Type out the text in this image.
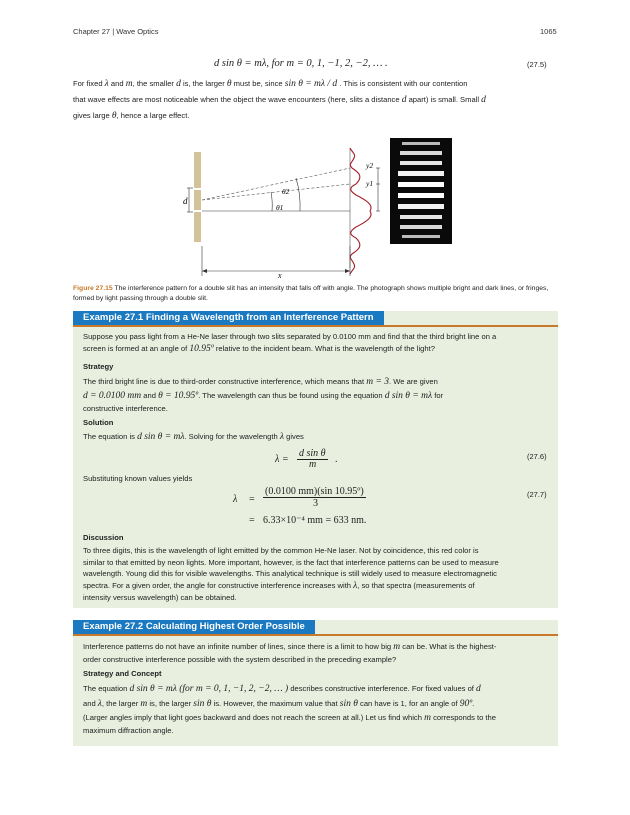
Chapter 27 | Wave Optics	1065
d sin θ = mλ, for m = 0, 1, −1, 2, −2, … .	(27.5)
For fixed λ and m, the smaller d is, the larger θ must be, since sin θ = mλ / d . This is consistent with our contention
that wave effects are most noticeable when the object the wave encounters (here, slits a distance d apart) is small. Small d
gives large θ, hence a large effect.
d
θ1
θ2
y2
y1
x
Figure 27.15 The interference pattern for a double slit has an intensity that falls off with angle. The photograph shows multiple bright and dark lines, or fringes, formed by light passing through a double slit.
Example 27.1 Finding a Wavelength from an Interference Pattern
Suppose you pass light from a He-Ne laser through two slits separated by 0.0100 mm and find that the third bright line on a
screen is formed at an angle of 10.95º relative to the incident beam. What is the wavelength of the light?
Strategy
The third bright line is due to third-order constructive interference, which means that m = 3. We are given
d = 0.0100 mm and θ = 10.95º. The wavelength can thus be found using the equation d sin θ = mλ for
constructive interference.
Solution
The equation is d sin θ = mλ. Solving for the wavelength λ gives
λ =
d sin θ
m .	(27.6)
Substituting known values yields
λ =
(0.0100 mm)(sin 10.95º)
3
= 6.33×10⁻⁴ mm = 633 nm.
(27.7)
Discussion
To three digits, this is the wavelength of light emitted by the common He-Ne laser. Not by coincidence, this red color is
similar to that emitted by neon lights. More important, however, is the fact that interference patterns can be used to measure
wavelength. Young did this for visible wavelengths. This analytical technique is still widely used to measure electromagnetic
spectra. For a given order, the angle for constructive interference increases with λ, so that spectra (measurements of
intensity versus wavelength) can be obtained.
Example 27.2 Calculating Highest Order Possible
Interference patterns do not have an infinite number of lines, since there is a limit to how big m can be. What is the highest-
order constructive interference possible with the system described in the preceding example?
Strategy and Concept
The equation d sin θ = mλ (for m = 0, 1, −1, 2, −2, … ) describes constructive interference. For fixed values of d
and λ, the larger m is, the larger sin θ is. However, the maximum value that sin θ can have is 1, for an angle of 90º.
(Larger angles imply that light goes backward and does not reach the screen at all.) Let us find which m corresponds to the
maximum diffraction angle.
